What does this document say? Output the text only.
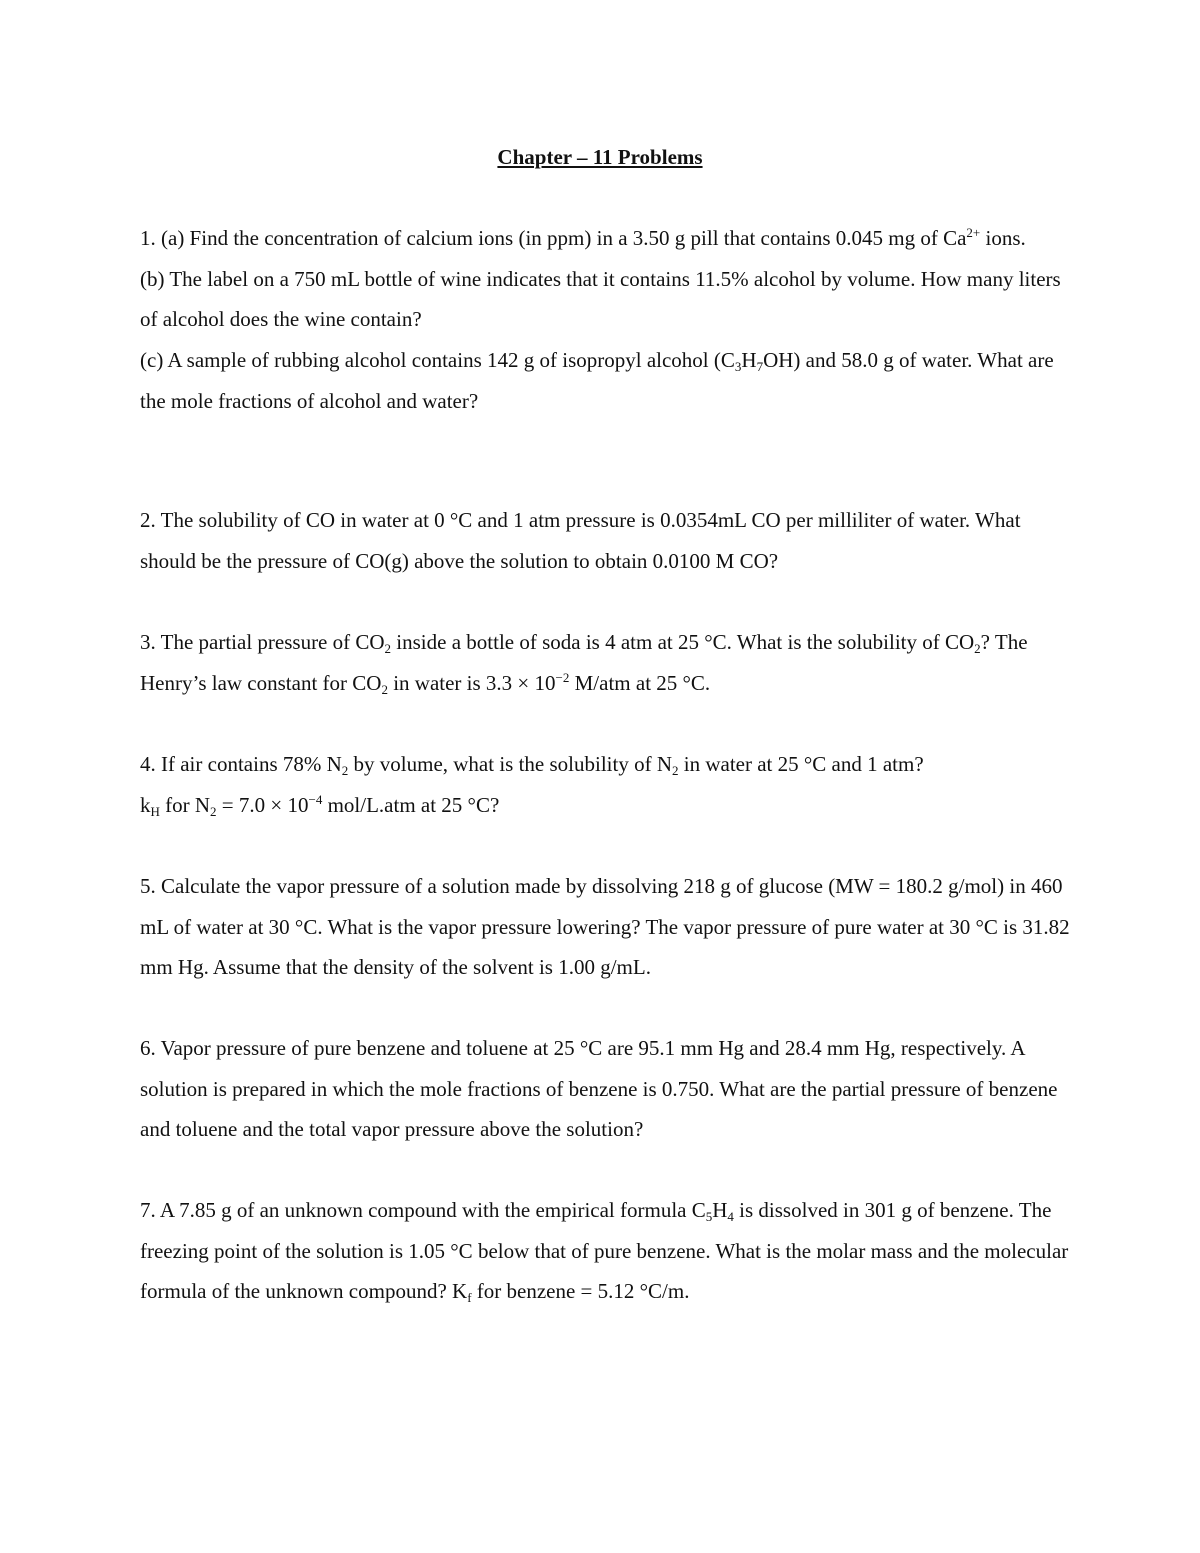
Chapter – 11 Problems
1. (a) Find the concentration of calcium ions (in ppm) in a 3.50 g pill that contains 0.045 mg of $Ca^{2+}$ ions.
(b) The label on a 750 mL bottle of wine indicates that it contains 11.5% alcohol by volume. How many liters of alcohol does the wine contain?
(c) A sample of rubbing alcohol contains 142 g of isopropyl alcohol $(C_3H_7OH)$ and 58.0 g of water. What are the mole fractions of alcohol and water?
2. The solubility of CO in water at 0 °C and 1 atm pressure is 0.0354mL CO per milliliter of water. What should be the pressure of CO(g) above the solution to obtain 0.0100 M CO?
3. The partial pressure of $CO_2$ inside a bottle of soda is 4 atm at 25 °C. What is the solubility of $CO_2$? The Henry’s law constant for $CO_2$ in water is $3.3 \times 10^{-2}$ M/atm at 25 °C.
4. If air contains 78% $N_2$ by volume, what is the solubility of $N_2$ in water at 25 °C and 1 atm?
$k_H$ for $N_2 = 7.0 \times 10^{-4}$ mol/L.atm at 25 °C?
5. Calculate the vapor pressure of a solution made by dissolving 218 g of glucose (MW = 180.2 g/mol) in 460 mL of water at 30 °C. What is the vapor pressure lowering? The vapor pressure of pure water at 30 °C is 31.82 mm Hg. Assume that the density of the solvent is 1.00 g/mL.
6. Vapor pressure of pure benzene and toluene at 25 °C are 95.1 mm Hg and 28.4 mm Hg, respectively. A solution is prepared in which the mole fractions of benzene is 0.750. What are the partial pressure of benzene and toluene and the total vapor pressure above the solution?
7. A 7.85 g of an unknown compound with the empirical formula $C_5H_4$ is dissolved in 301 g of benzene. The freezing point of the solution is 1.05 °C below that of pure benzene. What is the molar mass and the molecular formula of the unknown compound? $K_f$ for benzene = 5.12 °C/m.
